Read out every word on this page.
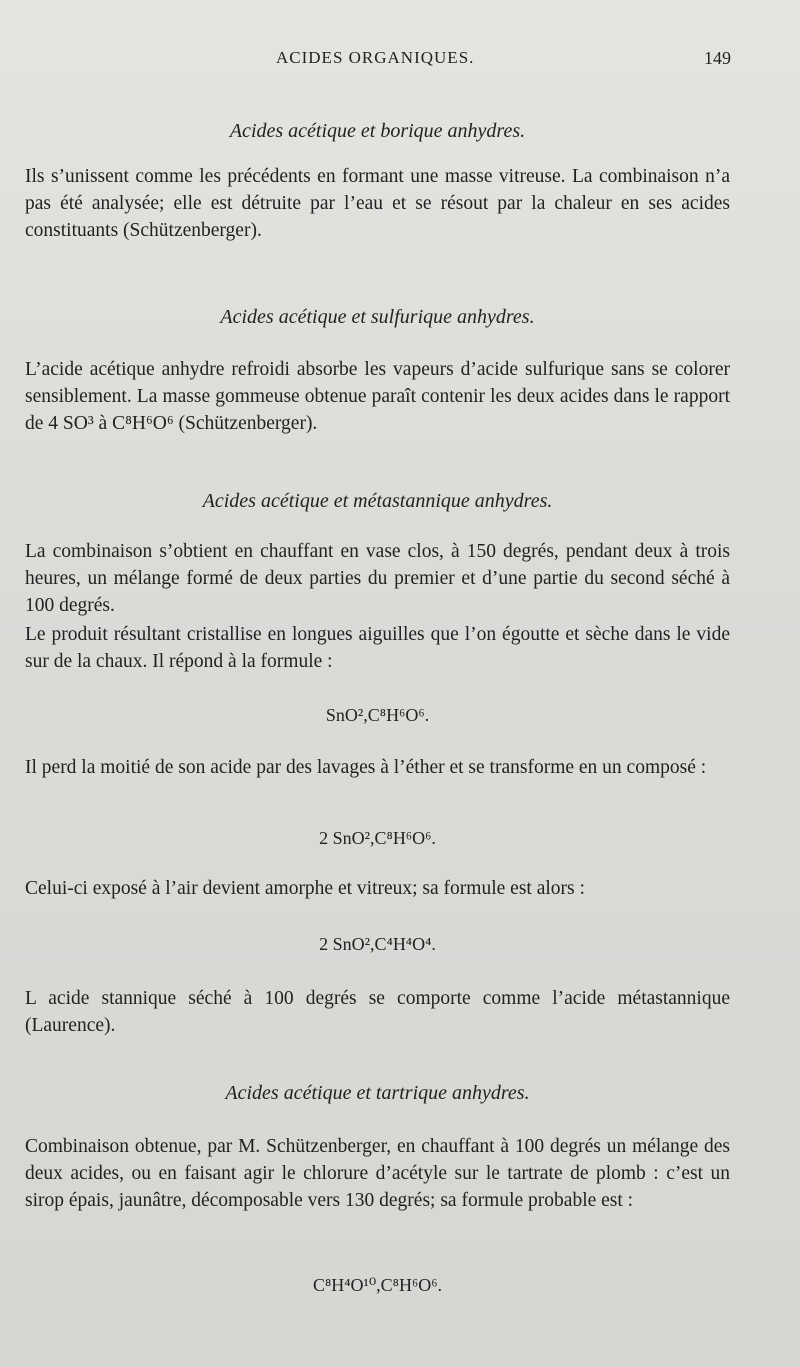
ACIDES ORGANIQUES.	149
Acides acétique et borique anhydres.

Ils s’unissent comme les précédents en formant une masse vitreuse. La combinaison n’a pas été analysée; elle est détruite par l’eau et se résout par la chaleur en ses acides constituants (Schützenberger).

Acides acétique et sulfurique anhydres.

L’acide acétique anhydre refroidi absorbe les vapeurs d’acide sulfurique sans se colorer sensiblement. La masse gommeuse obtenue paraît contenir les deux acides dans le rapport de 4 SO³ à C⁸H⁶O⁶ (Schützenberger).

Acides acétique et métastannique anhydres.

La combinaison s’obtient en chauffant en vase clos, à 150 degrés, pendant deux à trois heures, un mélange formé de deux parties du premier et d’une partie du second séché à 100 degrés.

Le produit résultant cristallise en longues aiguilles que l’on égoutte et sèche dans le vide sur de la chaux. Il répond à la formule :

SnO²,C⁸H⁶O⁶.

Il perd la moitié de son acide par des lavages à l’éther et se transforme en un composé :

2 SnO²,C⁸H⁶O⁶.

Celui-ci exposé à l’air devient amorphe et vitreux; sa formule est alors :

2 SnO²,C⁴H⁴O⁴.

L acide stannique séché à 100 degrés se comporte comme l’acide métastannique (Laurence).

Acides acétique et tartrique anhydres.

Combinaison obtenue, par M. Schützenberger, en chauffant à 100 degrés un mélange des deux acides, ou en faisant agir le chlorure d’acétyle sur le tartrate de plomb : c’est un sirop épais, jaunâtre, décomposable vers 130 degrés; sa formule probable est :

C⁸H⁴O¹⁰,C⁸H⁶O⁶.
